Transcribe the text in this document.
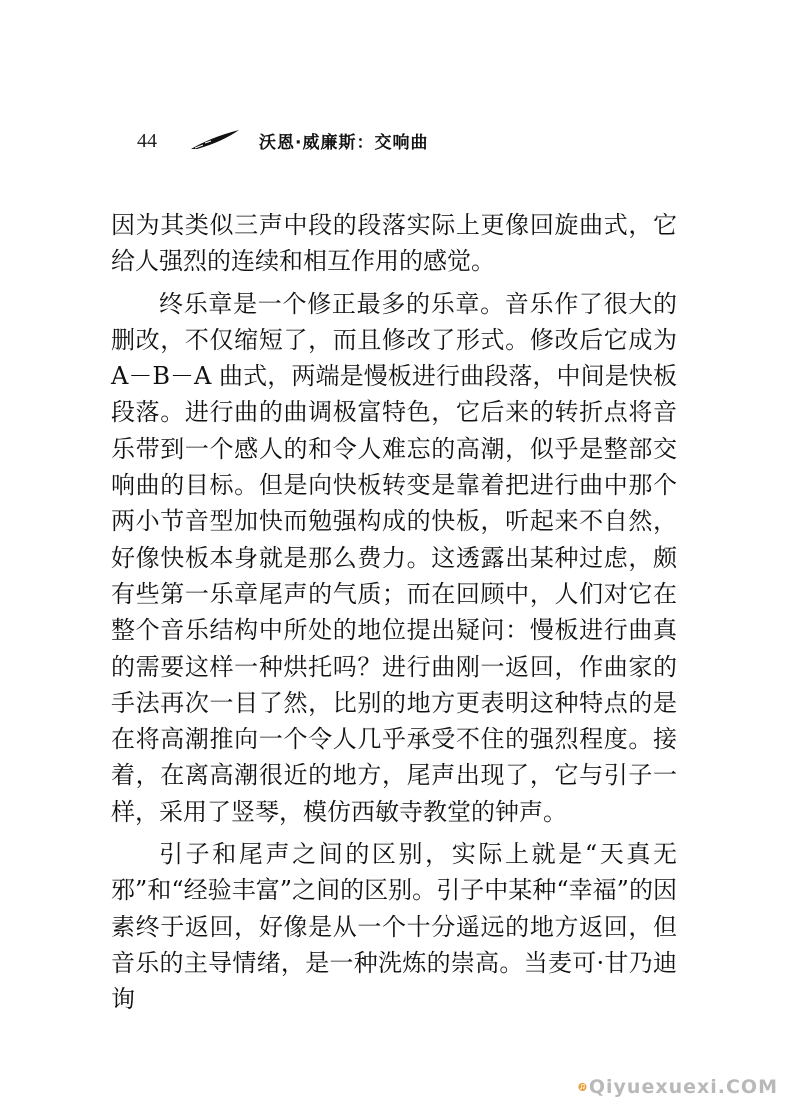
44	沃恩·威廉斯：交响曲

因为其类似三声中段的段落实际上更像回旋曲式，它给人强烈的连续和相互作用的感觉。

终乐章是一个修正最多的乐章。音乐作了很大的删改，不仅缩短了，而且修改了形式。修改后它成为 A－B－A 曲式，两端是慢板进行曲段落，中间是快板段落。进行曲的曲调极富特色，它后来的转折点将音乐带到一个感人的和令人难忘的高潮，似乎是整部交响曲的目标。但是向快板转变是靠着把进行曲中那个两小节音型加快而勉强构成的快板，听起来不自然，好像快板本身就是那么费力。这透露出某种过虑，颇有些第一乐章尾声的气质；而在回顾中，人们对它在整个音乐结构中所处的地位提出疑问：慢板进行曲真的需要这样一种烘托吗？进行曲刚一返回，作曲家的手法再次一目了然，比别的地方更表明这种特点的是在将高潮推向一个令人几乎承受不住的强烈程度。接着，在离高潮很近的地方，尾声出现了，它与引子一样，采用了竖琴，模仿西敏寺教堂的钟声。

引子和尾声之间的区别，实际上就是“天真无邪”和“经验丰富”之间的区别。引子中某种“幸福”的因素终于返回，好像是从一个十分遥远的地方返回，但音乐的主导情绪，是一种洗炼的崇高。当麦可·甘乃迪询

Qiyuexuexi.COM
